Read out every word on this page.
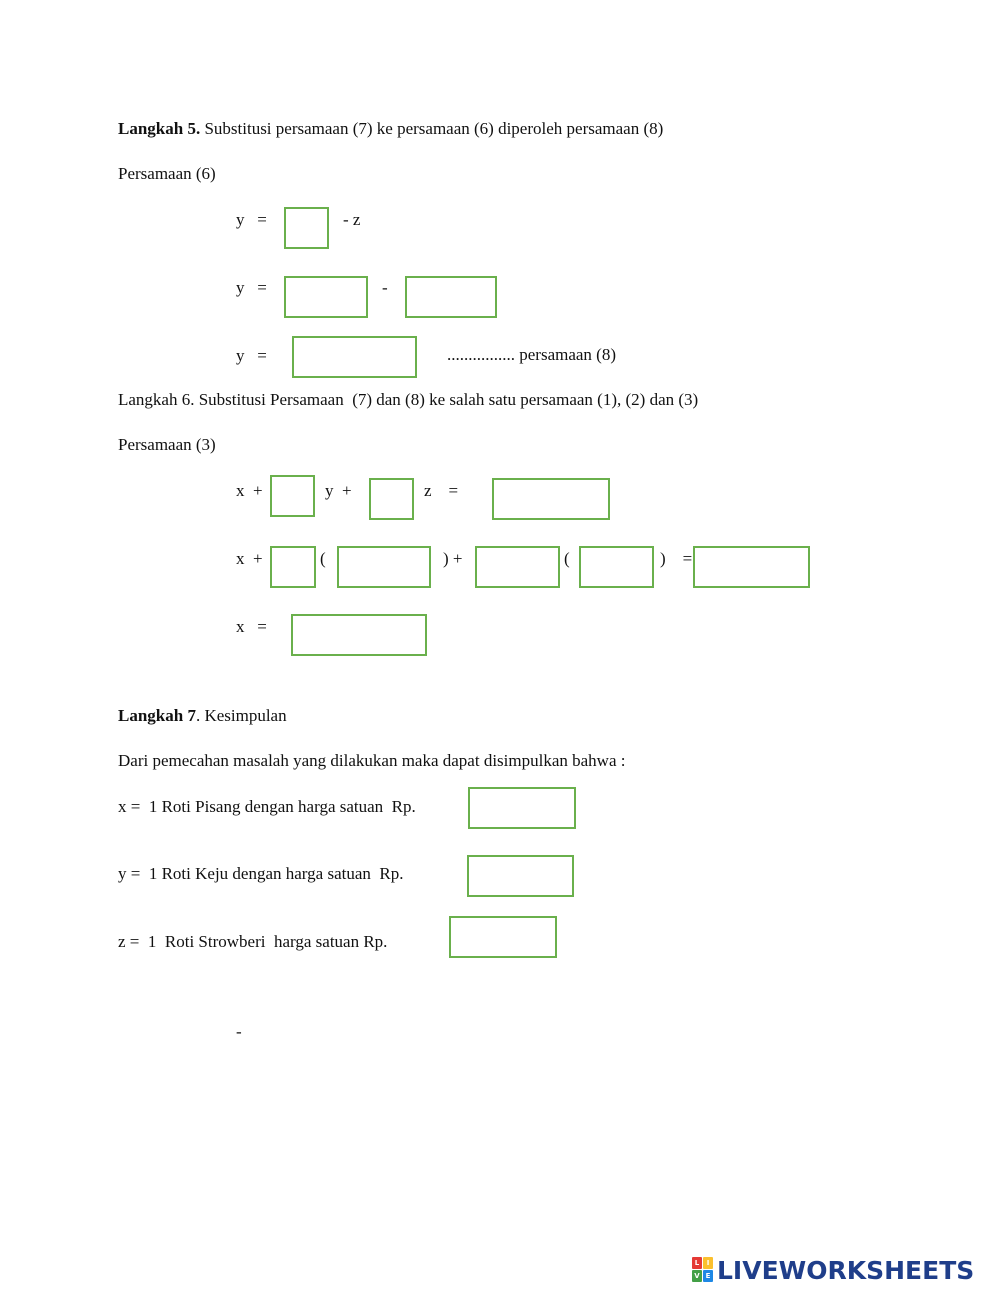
Langkah 5. Substitusi persamaan (7) ke persamaan (6) diperoleh persamaan (8)
Persamaan (6)
y   =	- z
y   =	-
y   =	................ persamaan (8)
Langkah 6. Substitusi Persamaan  (7) dan (8) ke salah satu persamaan (1), (2) dan (3)
Persamaan (3)
x  +	y  +	z    =
x  +	(	) +	(	)    =
x   =
Langkah 7. Kesimpulan
Dari pemecahan masalah yang dilakukan maka dapat disimpulkan bahwa :
x =  1 Roti Pisang dengan harga satuan  Rp.
y =  1 Roti Keju dengan harga satuan  Rp.
z =  1  Roti Strowberi  harga satuan Rp.
-
L	I
V E LIVEWORKSHEETS
